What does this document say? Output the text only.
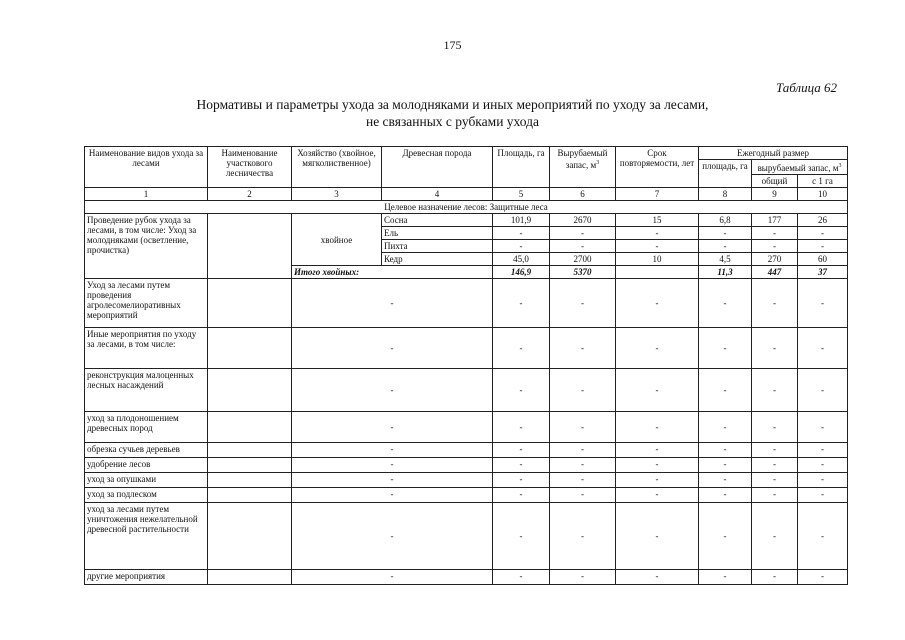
175
Таблица 62
Нормативы и параметры ухода за молодняками и иных мероприятий по уходу за лесами,
не связанных с рубками ухода
Наименование видов ухода за лесами	Наименование участкового лесничества	Хозяйство (хвойное, мягколиственное)	Древесная порода	Площадь, га	Вырубаемый запас, $м^3$	Срок повторяемости, лет	Ежегодный размер		
							площадь, га	вырубаемый запас, $м^3$
								общий	с 1 га
1	2	3	4	5	6	7	8	9	10
Целевое назначение лесов: Защитные леса									
Проведение рубок ухода за лесами, в том числе: Уход за молодняками (осветление, прочистка)		хвойное	Сосна	101,9	2670	15	6,8	177	26
			Ель	-	-	-	-	-	-
			Пихта	-	-	-	-	-	-
			Кедр	45,0	2700	10	4,5	270	60
		Итого хвойных:		146,9	5370		11,3	447	37
Уход за лесами путем проведения агролесомелиоративных мероприятий		-		-	-	-	-	-	-
Иные мероприятия по уходу за лесами, в том числе:		-		-	-	-	-	-	-
реконструкция малоценных лесных насаждений		-		-	-	-	-	-	-
уход за плодоношением древесных пород		-		-	-	-	-	-	-
обрезка сучьев деревьев		-		-	-	-	-	-	-
удобрение лесов		-		-	-	-	-	-	-
уход за опушками		-		-	-	-	-	-	-
уход за подлеском		-		-	-	-	-	-	-
уход за лесами путем уничтожения нежелательной древесной растительности		-		-	-	-	-	-	-
другие мероприятия		-		-	-	-	-	-	-
